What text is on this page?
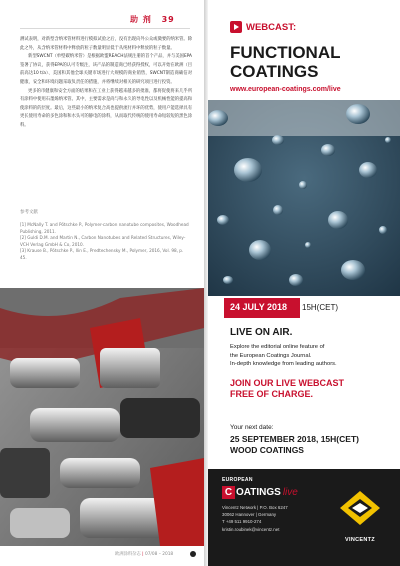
助 剂 39

测试表明，对新型含纳米管材料进行模拟试验之后，没有出现向外公众或微要的纳米管。除此之外，从含纳米管材料中释放的粒子数量明显低于从纯材料中释放的粒子数量。

新型SWCNT（单壁碳纳米管）是根据欧盟REACH法规注册的首个产品，并与美国EPA签署了协议，获得EPA的认可专级注，该产品的制造商已经获得授权，可以开始在欧洲（目前高达10 t/a）、美国和其他全球关键市场进行大规模的商业销售，SWCNT制造商确信对健康、安全和环境问题采取负责任的措施，并将继续对相关的研究项目进行投资。

更多的市健康和安全方面的结果和在工业上获得越来越多的批准，都将促使将来几乎所有涂料中使用石墨烯纳米管。其中，主要需求是尚与和永久的导电性以及机械性能的提高和使涂料的的层度。最后，这些最小的纳米复合高也提供流行并环的优势，使用户能选择具有更长使用寿命的多色涂和和水头可的静电的涂料，从而取代传统的使用寿命短较短的黑色涂料。

参考文献

[1] McNally T. and Pötschke P., Polymer-carbon nanotube composites, Woodhead Publishing, 2011.

[2] Guldi D.M. and Martin N., Carbon Nanotubes and Related Structures, Wiley-VCH Verlag GmbH & Co, 2010.

[3] Krause B., Pötschke P., Ilin E., Predtechensky M., Polymer, 2016, Vol. 98, p. 45.

欧洲涂料杂志 | 07/08 – 2018
WEBCAST:
FUNCTIONAL
COATINGS
www.european-coatings.com/live
24 JULY 2018 15H(CET)
LIVE ON AIR.
Explore the editorial online feature of
the European Coatings Journal.
In-depth knowledge from leading authors.
JOIN OUR LIVE WEBCAST
FREE OF CHARGE.
Your next date:
25 SEPTEMBER 2018, 15H(CET)
WOOD COATINGS
EUROPEAN
C OATINGS live

Vincentz Network | P.O. Box 6247

30062 Hannover | Germany

T +49 511 9910-274

kristin.roubinek@vincentz.net

VINCENTZ
